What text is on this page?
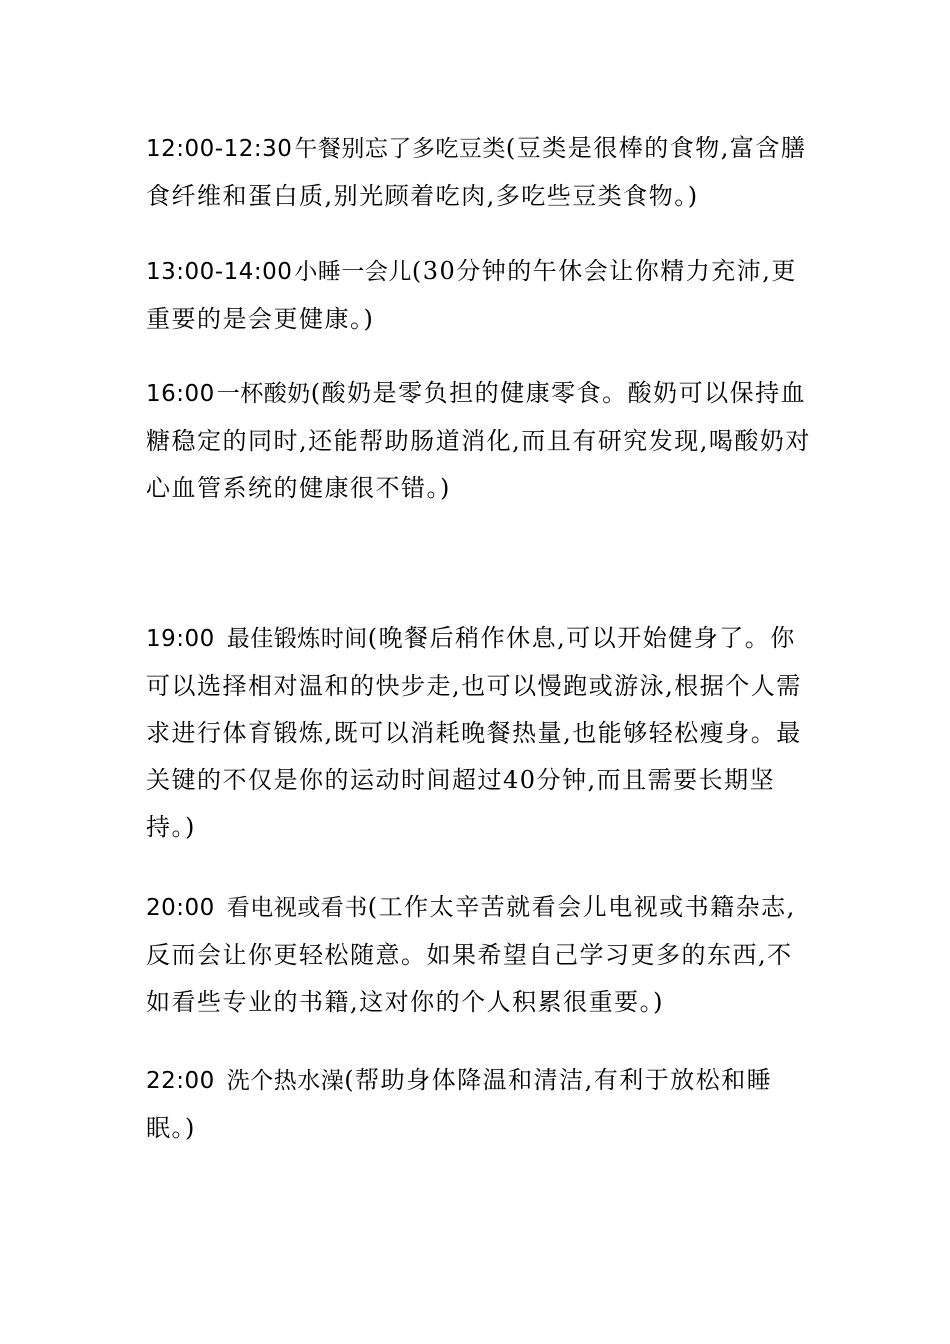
12:00-12:30午餐别忘了多吃豆类(豆类是很棒的食物,富含膳食纤维和蛋白质,别光顾着吃肉,多吃些豆类食物。)
13:00-14:00小睡一会儿(30分钟的午休会让你精力充沛,更重要的是会更健康。)
16:00一杯酸奶(酸奶是零负担的健康零食。酸奶可以保持血糖稳定的同时,还能帮助肠道消化,而且有研究发现,喝酸奶对心血管系统的健康很不错。)
19:00 最佳锻炼时间(晚餐后稍作休息,可以开始健身了。你可以选择相对温和的快步走,也可以慢跑或游泳,根据个人需求进行体育锻炼,既可以消耗晚餐热量,也能够轻松瘦身。最关键的不仅是你的运动时间超过40分钟,而且需要长期坚持。)
20:00 看电视或看书(工作太辛苦就看会儿电视或书籍杂志,反而会让你更轻松随意。如果希望自己学习更多的东西,不如看些专业的书籍,这对你的个人积累很重要。)
22:00 洗个热水澡(帮助身体降温和清洁,有利于放松和睡眠。)
